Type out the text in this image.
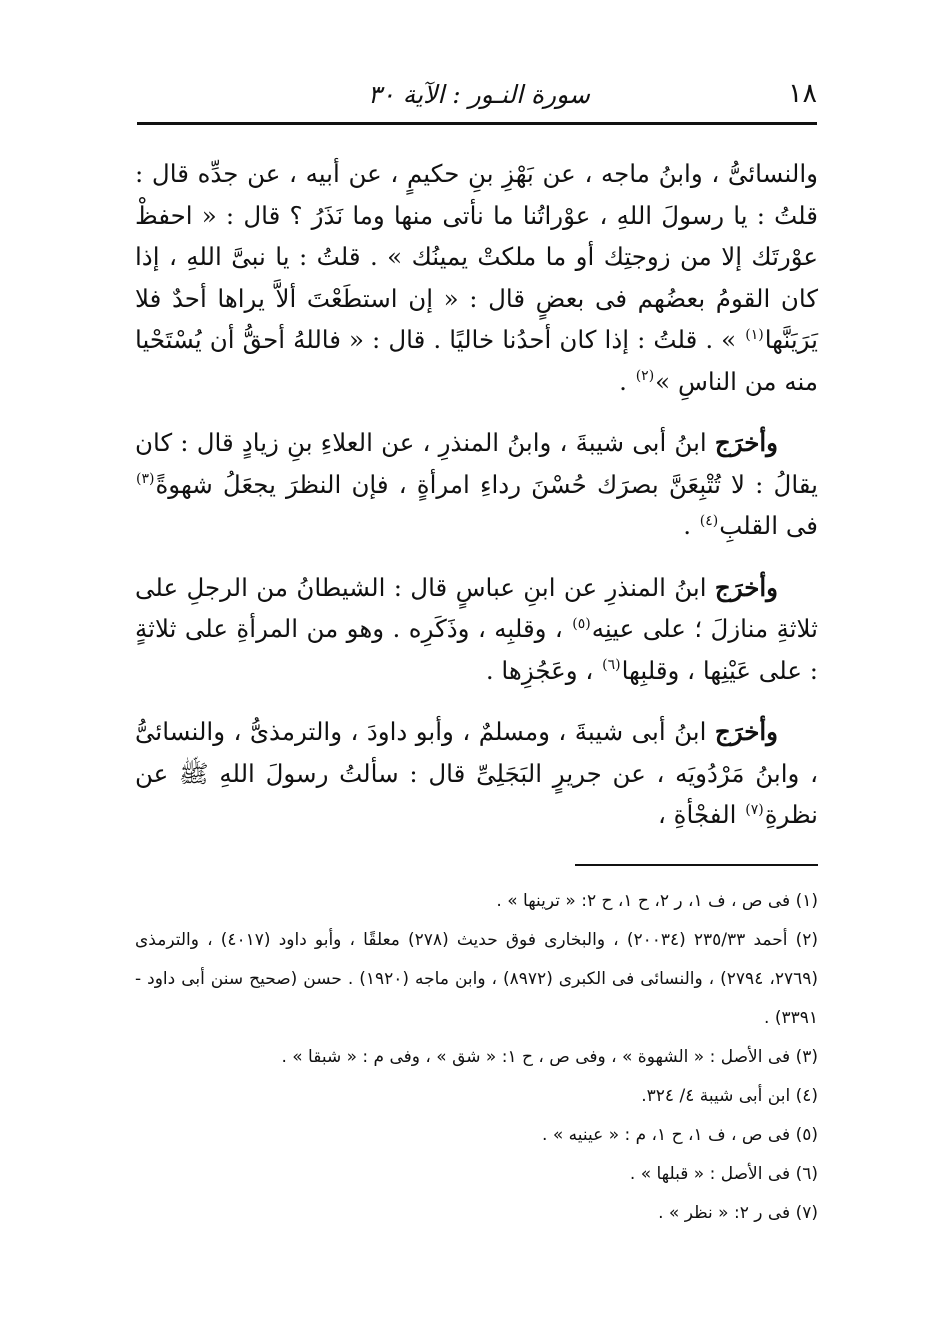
١٨
سورة النـور : الآية ٣٠

والنسائىُّ ، وابنُ ماجه ، عن بَهْزِ بنِ حكيمٍ ، عن أبيه ، عن جدِّه قال : قلتُ : يا رسولَ اللهِ ، عوْراتُنا ما نأتى منها وما نَذَرُ ؟ قال : « احفظْ عوْرتَك إلا من زوجتِك أو ما ملكتْ يمينُك » . قلتُ : يا نبىَّ اللهِ ، إذا كان القومُ بعضُهم فى بعضٍ قال : « إن استطَعْتَ ألاَّ يراها أحدٌ فلا يَرَيَنَّها$^{(١)}$ » . قلتُ : إذا كان أحدُنا خاليًا . قال : « فاللهُ أحقُّ أن يُسْتَحْيا منه من الناسِ »$^{(٢)}$ .

وأخرَج ابنُ أبى شيبةَ ، وابنُ المنذرِ ، عن العلاءِ بنِ زيادٍ قال : كان يقالُ : لا تُتْبِعَنَّ بصرَك حُسْنَ رداءِ امرأةٍ ، فإن النظرَ يجعَلُ شهوةً$^{(٣)}$ فى القلبِ$^{(٤)}$ .

وأخرَج ابنُ المنذرِ عن ابنِ عباسٍ قال : الشيطانُ من الرجلِ على ثلاثةِ منازلَ ؛ على عينِه$^{(٥)}$ ، وقلبِه ، وذَكَرِه . وهو من المرأةِ على ثلاثةٍ : على عَيْنِها ، وقلبِها$^{(٦)}$ ، وعَجُزِها .

وأخرَج ابنُ أبى شيبةَ ، ومسلمٌ ، وأبو داودَ ، والترمذىُّ ، والنسائىُّ ، وابنُ مَرْدُويَه ، عن جريرٍ البَجَلِىِّ قال : سألتُ رسولَ اللهِ ﷺ عن نظرةِ$^{(٧)}$ الفجْأةِ ،

(١) فى ص ، ف ١، ر ٢، ح ١، ح ٢: « ترينها » .

(٢) أحمد ٢٣٥/٣٣ (٢٠٠٣٤) ، والبخارى فوق حديث (٢٧٨) معلقًا ، وأبو داود (٤٠١٧) ، والترمذى (٢٧٦٩، ٢٧٩٤) ، والنسائى فى الكبرى (٨٩٧٢) ، وابن ماجه (١٩٢٠) . حسن (صحيح سنن أبى داود - ٣٣٩١) .

(٣) فى الأصل : « الشهوة » ، وفى ص ، ح ١: « شق » ، وفى م : « شبقا » .

(٤) ابن أبى شيبة ٤/ ٣٢٤.

(٥) فى ص ، ف ١، ح ١، م : « عينيه » .

(٦) فى الأصل : « قبلها » .

(٧) فى ر ٢: « نظر » .
